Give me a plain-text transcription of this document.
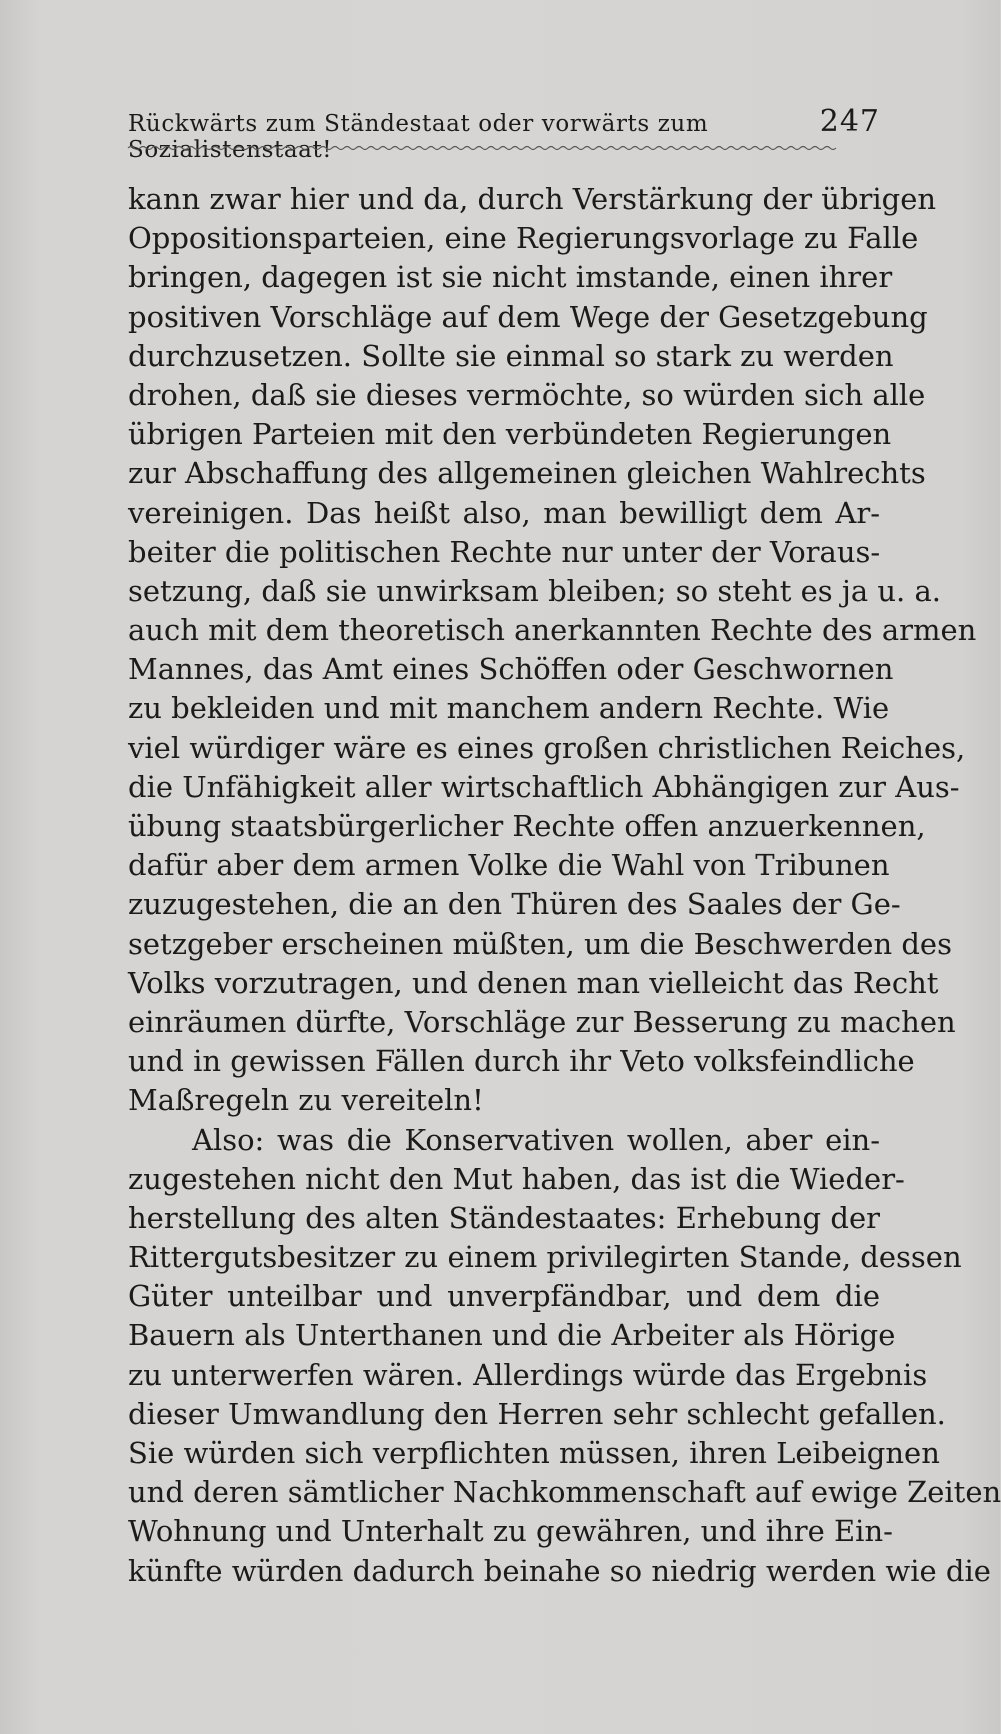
Rückwärts zum Ständestaat oder vorwärts zum Sozialistenstaat!
247
kann zwar hier und da, durch Verstärkung der übrigen
Oppositionsparteien, eine Regierungsvorlage zu Falle
bringen, dagegen ist sie nicht imstande, einen ihrer
positiven Vorschläge auf dem Wege der Gesetzgebung
durchzusetzen. Sollte sie einmal so stark zu werden
drohen, daß sie dieses vermöchte, so würden sich alle
übrigen Parteien mit den verbündeten Regierungen
zur Abschaffung des allgemeinen gleichen Wahlrechts
vereinigen. Das heißt also, man bewilligt dem Ar-
beiter die politischen Rechte nur unter der Voraus-
setzung, daß sie unwirksam bleiben; so steht es ja u. a.
auch mit dem theoretisch anerkannten Rechte des armen
Mannes, das Amt eines Schöffen oder Geschwornen
zu bekleiden und mit manchem andern Rechte. Wie
viel würdiger wäre es eines großen christlichen Reiches,
die Unfähigkeit aller wirtschaftlich Abhängigen zur Aus-
übung staatsbürgerlicher Rechte offen anzuerkennen,
dafür aber dem armen Volke die Wahl von Tribunen
zuzugestehen, die an den Thüren des Saales der Ge-
setzgeber erscheinen müßten, um die Beschwerden des
Volks vorzutragen, und denen man vielleicht das Recht
einräumen dürfte, Vorschläge zur Besserung zu machen
und in gewissen Fällen durch ihr Veto volksfeindliche
Maßregeln zu vereiteln!
Also: was die Konservativen wollen, aber ein-
zugestehen nicht den Mut haben, das ist die Wieder-
herstellung des alten Ständestaates: Erhebung der
Rittergutsbesitzer zu einem privilegirten Stande, dessen
Güter unteilbar und unverpfändbar, und dem die
Bauern als Unterthanen und die Arbeiter als Hörige
zu unterwerfen wären. Allerdings würde das Ergebnis
dieser Umwandlung den Herren sehr schlecht gefallen.
Sie würden sich verpflichten müssen, ihren Leibeignen
und deren sämtlicher Nachkommenschaft auf ewige Zeiten
Wohnung und Unterhalt zu gewähren, und ihre Ein-
künfte würden dadurch beinahe so niedrig werden wie die
